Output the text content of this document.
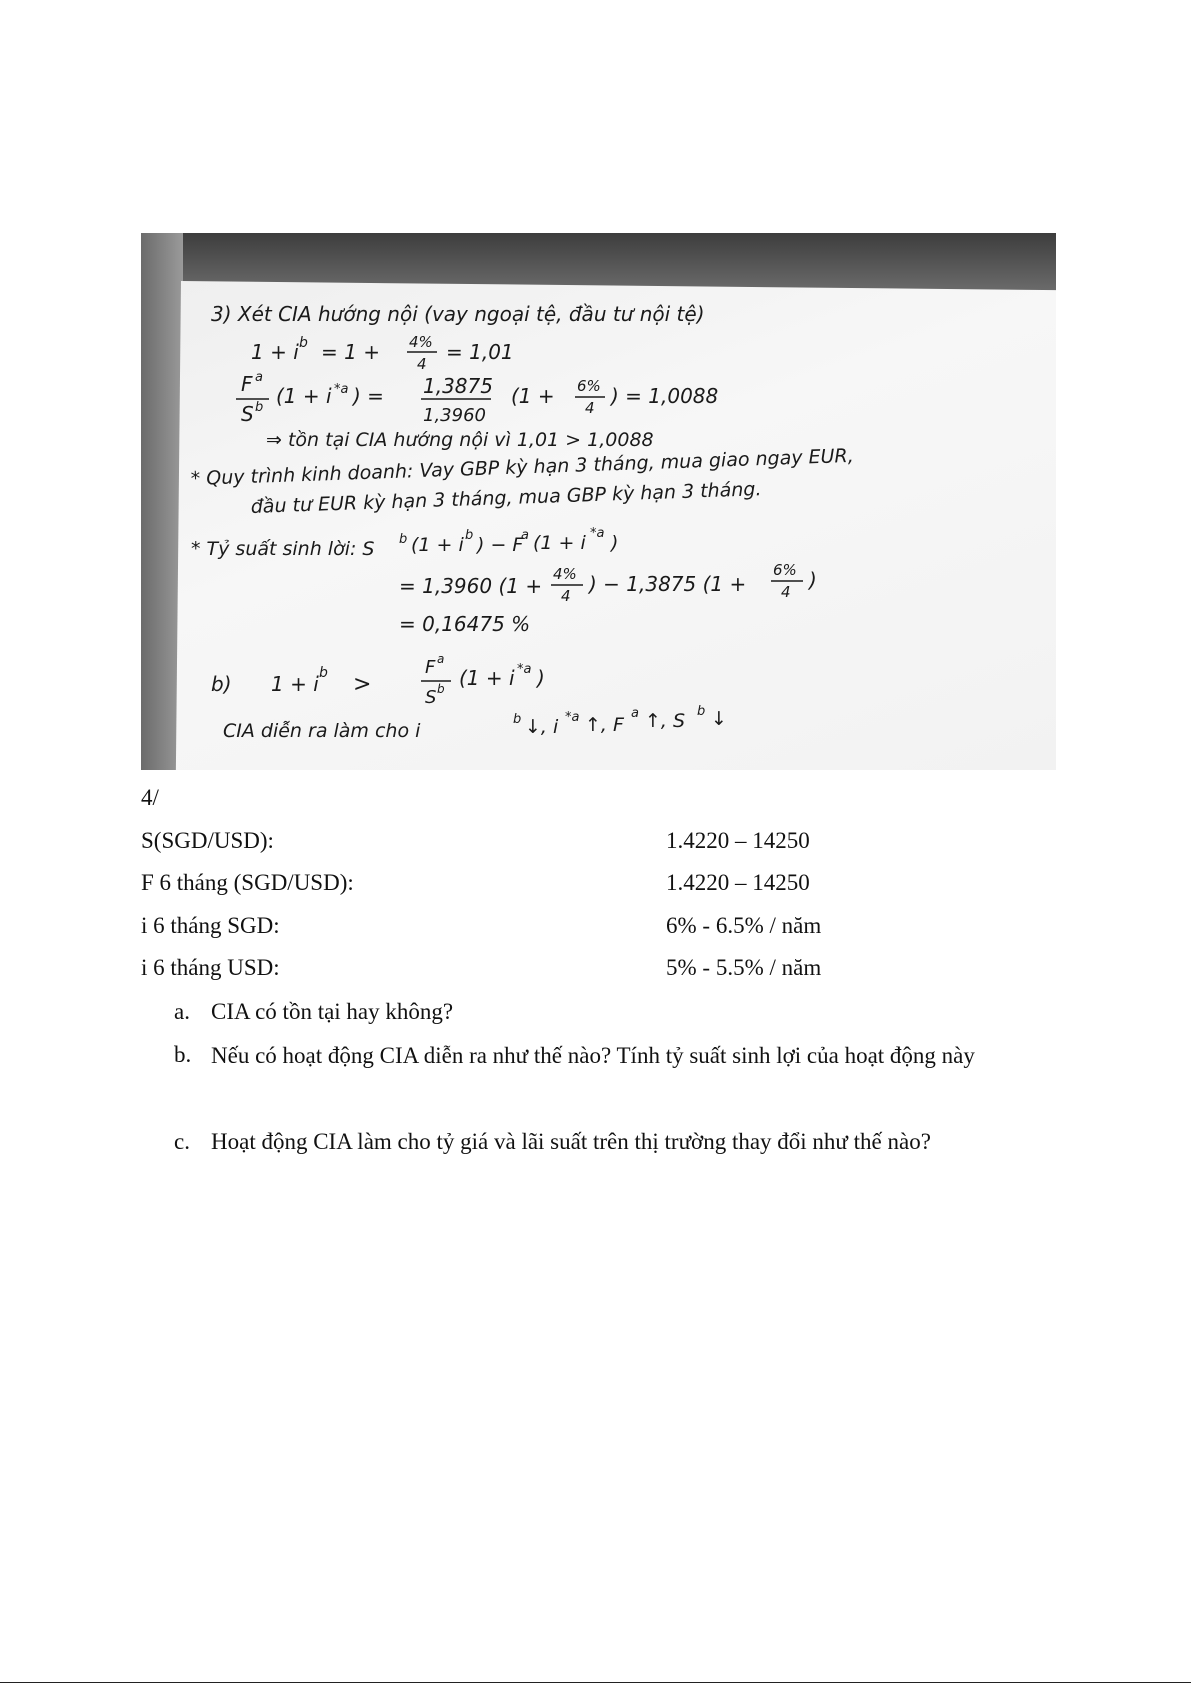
3) Xét CIA hướng nội (vay ngoại tệ, đầu tư nội tệ)
1 + i b = 1 + 4%
4 = 1,01
F a
S b (1 + i *a ) = 1,3875
1,3960
(1 + 6%
4 ) = 1,0088
⇒ tồn tại CIA hướng nội vì 1,01 > 1,0088
* Quy trình kinh doanh: Vay GBP kỳ hạn 3 tháng, mua giao ngay EUR,
đầu tư EUR kỳ hạn 3 tháng, mua GBP kỳ hạn 3 tháng.
* Tỷ suất sinh lời: S b (1 + i b ) − F
a (1 + i *a )
= 1,3960 (1 + 4%
4 ) − 1,3875 (1 +
6%
4 )
= 0,16475 %
b) 1 + i b >
F a
S b (1 + i *a )
CIA diễn ra làm cho i
b ↓, i *a ↑, F
a ↑, S b ↓
4/
S(SGD/USD):	1.4220 – 14250
F 6 tháng (SGD/USD):	1.4220 – 14250
i 6 tháng SGD:	6% - 6.5% / năm
i 6 tháng USD:	5% - 5.5% / năm
a. CIA có tồn tại hay không?
b. Nếu có hoạt động CIA diễn ra như thế nào? Tính tỷ suất sinh lợi của hoạt động này
c. Hoạt động CIA làm cho tỷ giá và lãi suất trên thị trường thay đổi như thế nào?
